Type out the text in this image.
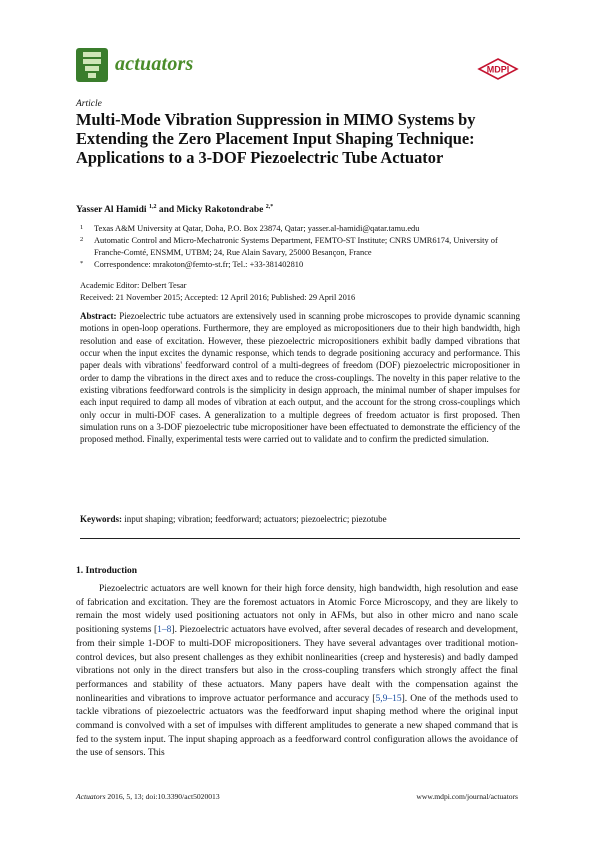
actuators	MDPI
Article
Multi-Mode Vibration Suppression in MIMO Systems by Extending the Zero Placement Input Shaping Technique: Applications to a 3-DOF Piezoelectric Tube Actuator
Yasser Al Hamidi $^{1,2}$ and Micky Rakotondrabe $^{2,*}$
1 Texas A&M University at Qatar, Doha, P.O. Box 23874, Qatar; yasser.al-hamidi@qatar.tamu.edu
2 Automatic Control and Micro-Mechatronic Systems Department, FEMTO-ST Institute; CNRS UMR6174, University of Franche-Comté, ENSMM, UTBM; 24, Rue Alain Savary, 25000 Besançon, France
* Correspondence: mrakoton@femto-st.fr; Tel.: +33-381402810
Academic Editor: Delbert Tesar
Received: 21 November 2015; Accepted: 12 April 2016; Published: 29 April 2016

Abstract: Piezoelectric tube actuators are extensively used in scanning probe microscopes to provide dynamic scanning motions in open-loop operations. Furthermore, they are employed as micropositioners due to their high bandwidth, high resolution and ease of excitation. However, these piezoelectric micropositioners exhibit badly damped vibrations that occur when the input excites the dynamic response, which tends to degrade positioning accuracy and performance. This paper deals with vibrations' feedforward control of a multi-degrees of freedom (DOF) piezoelectric micropositioner in order to damp the vibrations in the direct axes and to reduce the cross-couplings. The novelty in this paper relative to the existing vibrations feedforward controls is the simplicity in design approach, the minimal number of shaper impulses for each input required to damp all modes of vibration at each output, and the account for the strong cross-couplings which only occur in multi-DOF cases. A generalization to a multiple degrees of freedom actuator is first proposed. Then simulation runs on a 3-DOF piezoelectric tube micropositioner have been effectuated to demonstrate the efficiency of the proposed method. Finally, experimental tests were carried out to validate and to confirm the predicted simulation.

Keywords: input shaping; vibration; feedforward; actuators; piezoelectric; piezotube

1. Introduction

Piezoelectric actuators are well known for their high force density, high bandwidth, high resolution and ease of fabrication and excitation. They are the foremost actuators in Atomic Force Microscopy, and they are likely to remain the most widely used positioning actuators not only in AFMs, but also in other micro and nano scale positioning systems [1–8]. Piezoelectric actuators have evolved, after several decades of research and development, from their simple 1-DOF to multi-DOF micropositioners. They have several advantages over traditional motion-control devices, but also present challenges as they exhibit nonlinearities (creep and hysteresis) and badly damped vibrations not only in the direct transfers but also in the cross-coupling transfers which strongly affect the final performances and stability of these actuators. Many papers have dealt with the compensation against the nonlinearities and vibrations to improve actuator performance and accuracy [5,9–15]. One of the methods used to tackle vibrations of piezoelectric actuators was the feedforward input shaping method where the original input command is convolved with a set of impulses with different amplitudes to generate a new shaped command that is fed to the system input. The input shaping approach as a feedforward control configuration allows the avoidance of the use of sensors. This

Actuators 2016, 5, 13; doi:10.3390/act5020013	www.mdpi.com/journal/actuators
